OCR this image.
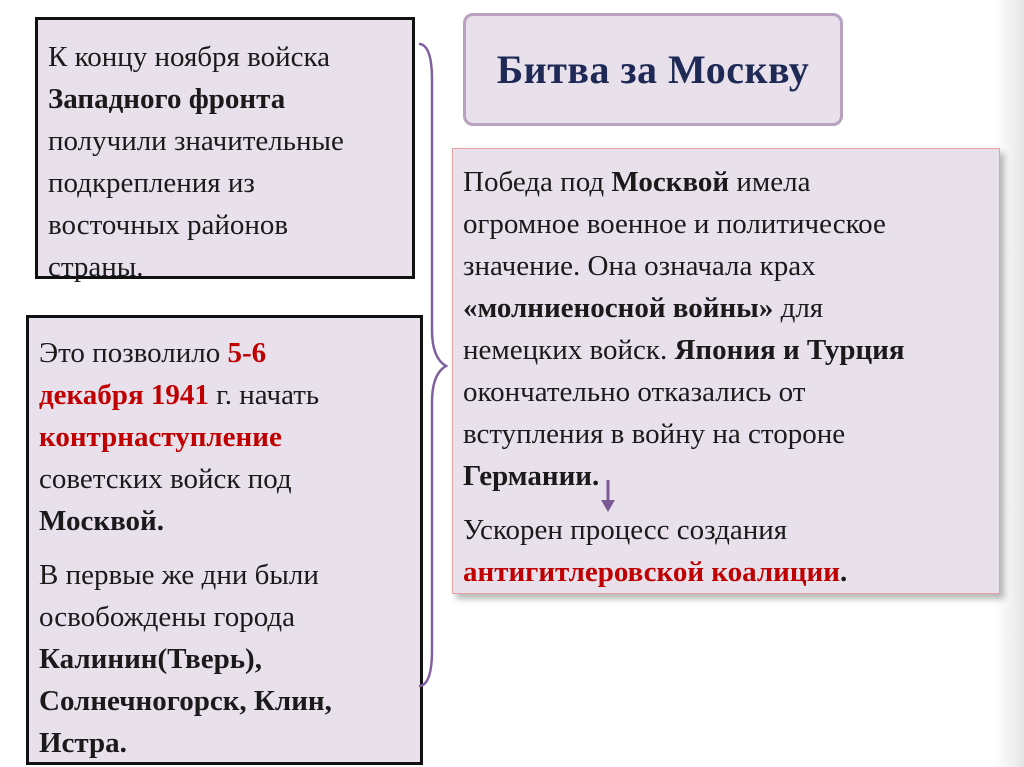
К концу ноября войска

Западного фронта

получили значительные

подкрепления из

восточных районов

страны.

Это позволило 5-6

декабря 1941 г. начать

контрнаступление

советских войск под

Москвой.

В первые же дни были

освобождены города

Калинин(Тверь),

Солнечногорск, Клин,

Истра.

Битва за Москву

Победа под Москвой имела

огромное военное и политическое

значение. Она означала крах

«молниеносной войны» для

немецких войск. Япония и Турция

окончательно отказались от

вступления в войну на стороне

Германии.

Ускорен процесс создания

антигитлеровской коалиции.
